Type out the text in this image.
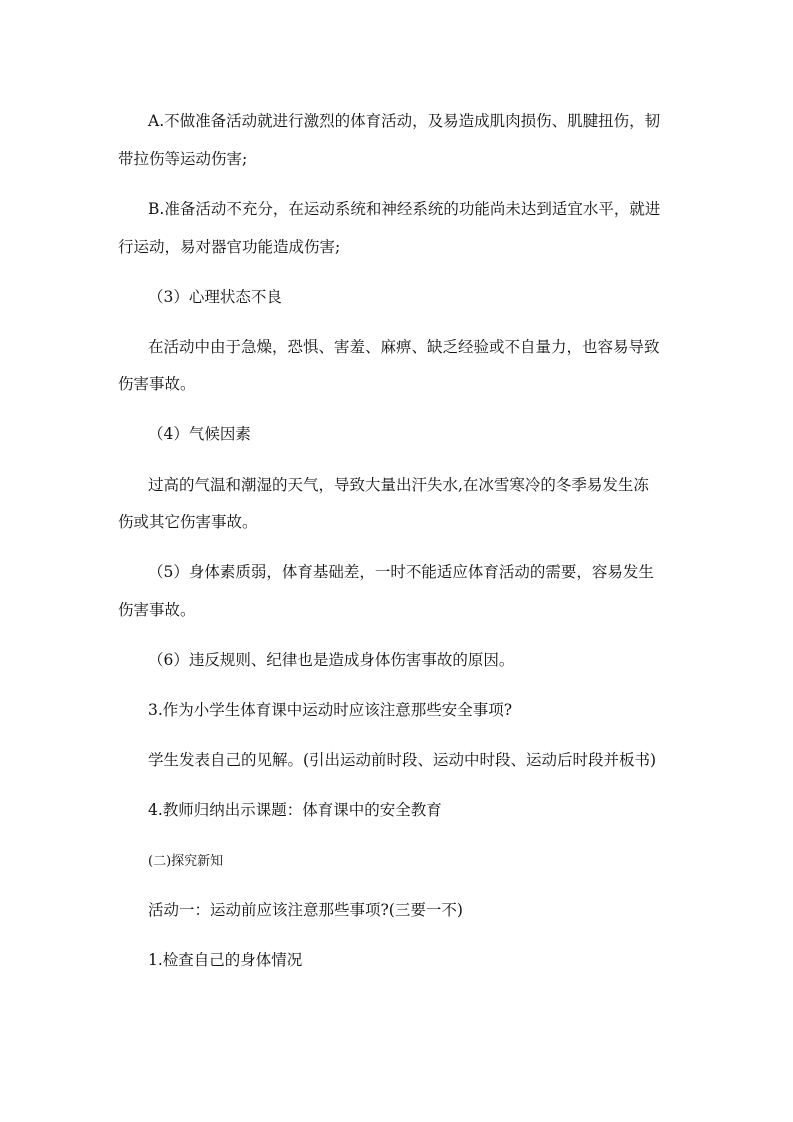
A.不做准备活动就进行激烈的体育活动，及易造成肌肉损伤、肌腱扭伤，韧
带拉伤等运动伤害;
B.准备活动不充分，在运动系统和神经系统的功能尚未达到适宜水平，就进
行运动，易对器官功能造成伤害;
（3）心理状态不良
在活动中由于急燥，恐惧、害羞、麻痹、缺乏经验或不自量力，也容易导致
伤害事故。
（4）气候因素
过高的气温和潮湿的天气，导致大量出汗失水,在冰雪寒冷的冬季易发生冻
伤或其它伤害事故。
（5）身体素质弱，体育基础差，一时不能适应体育活动的需要，容易发生
伤害事故。
（6）违反规则、纪律也是造成身体伤害事故的原因。
3.作为小学生体育课中运动时应该注意那些安全事项?
学生发表自己的见解。(引出运动前时段、运动中时段、运动后时段并板书)
4.教师归纳出示课题：体育课中的安全教育
(二)探究新知
活动一：运动前应该注意那些事项?(三要一不)
1.检查自己的身体情况
